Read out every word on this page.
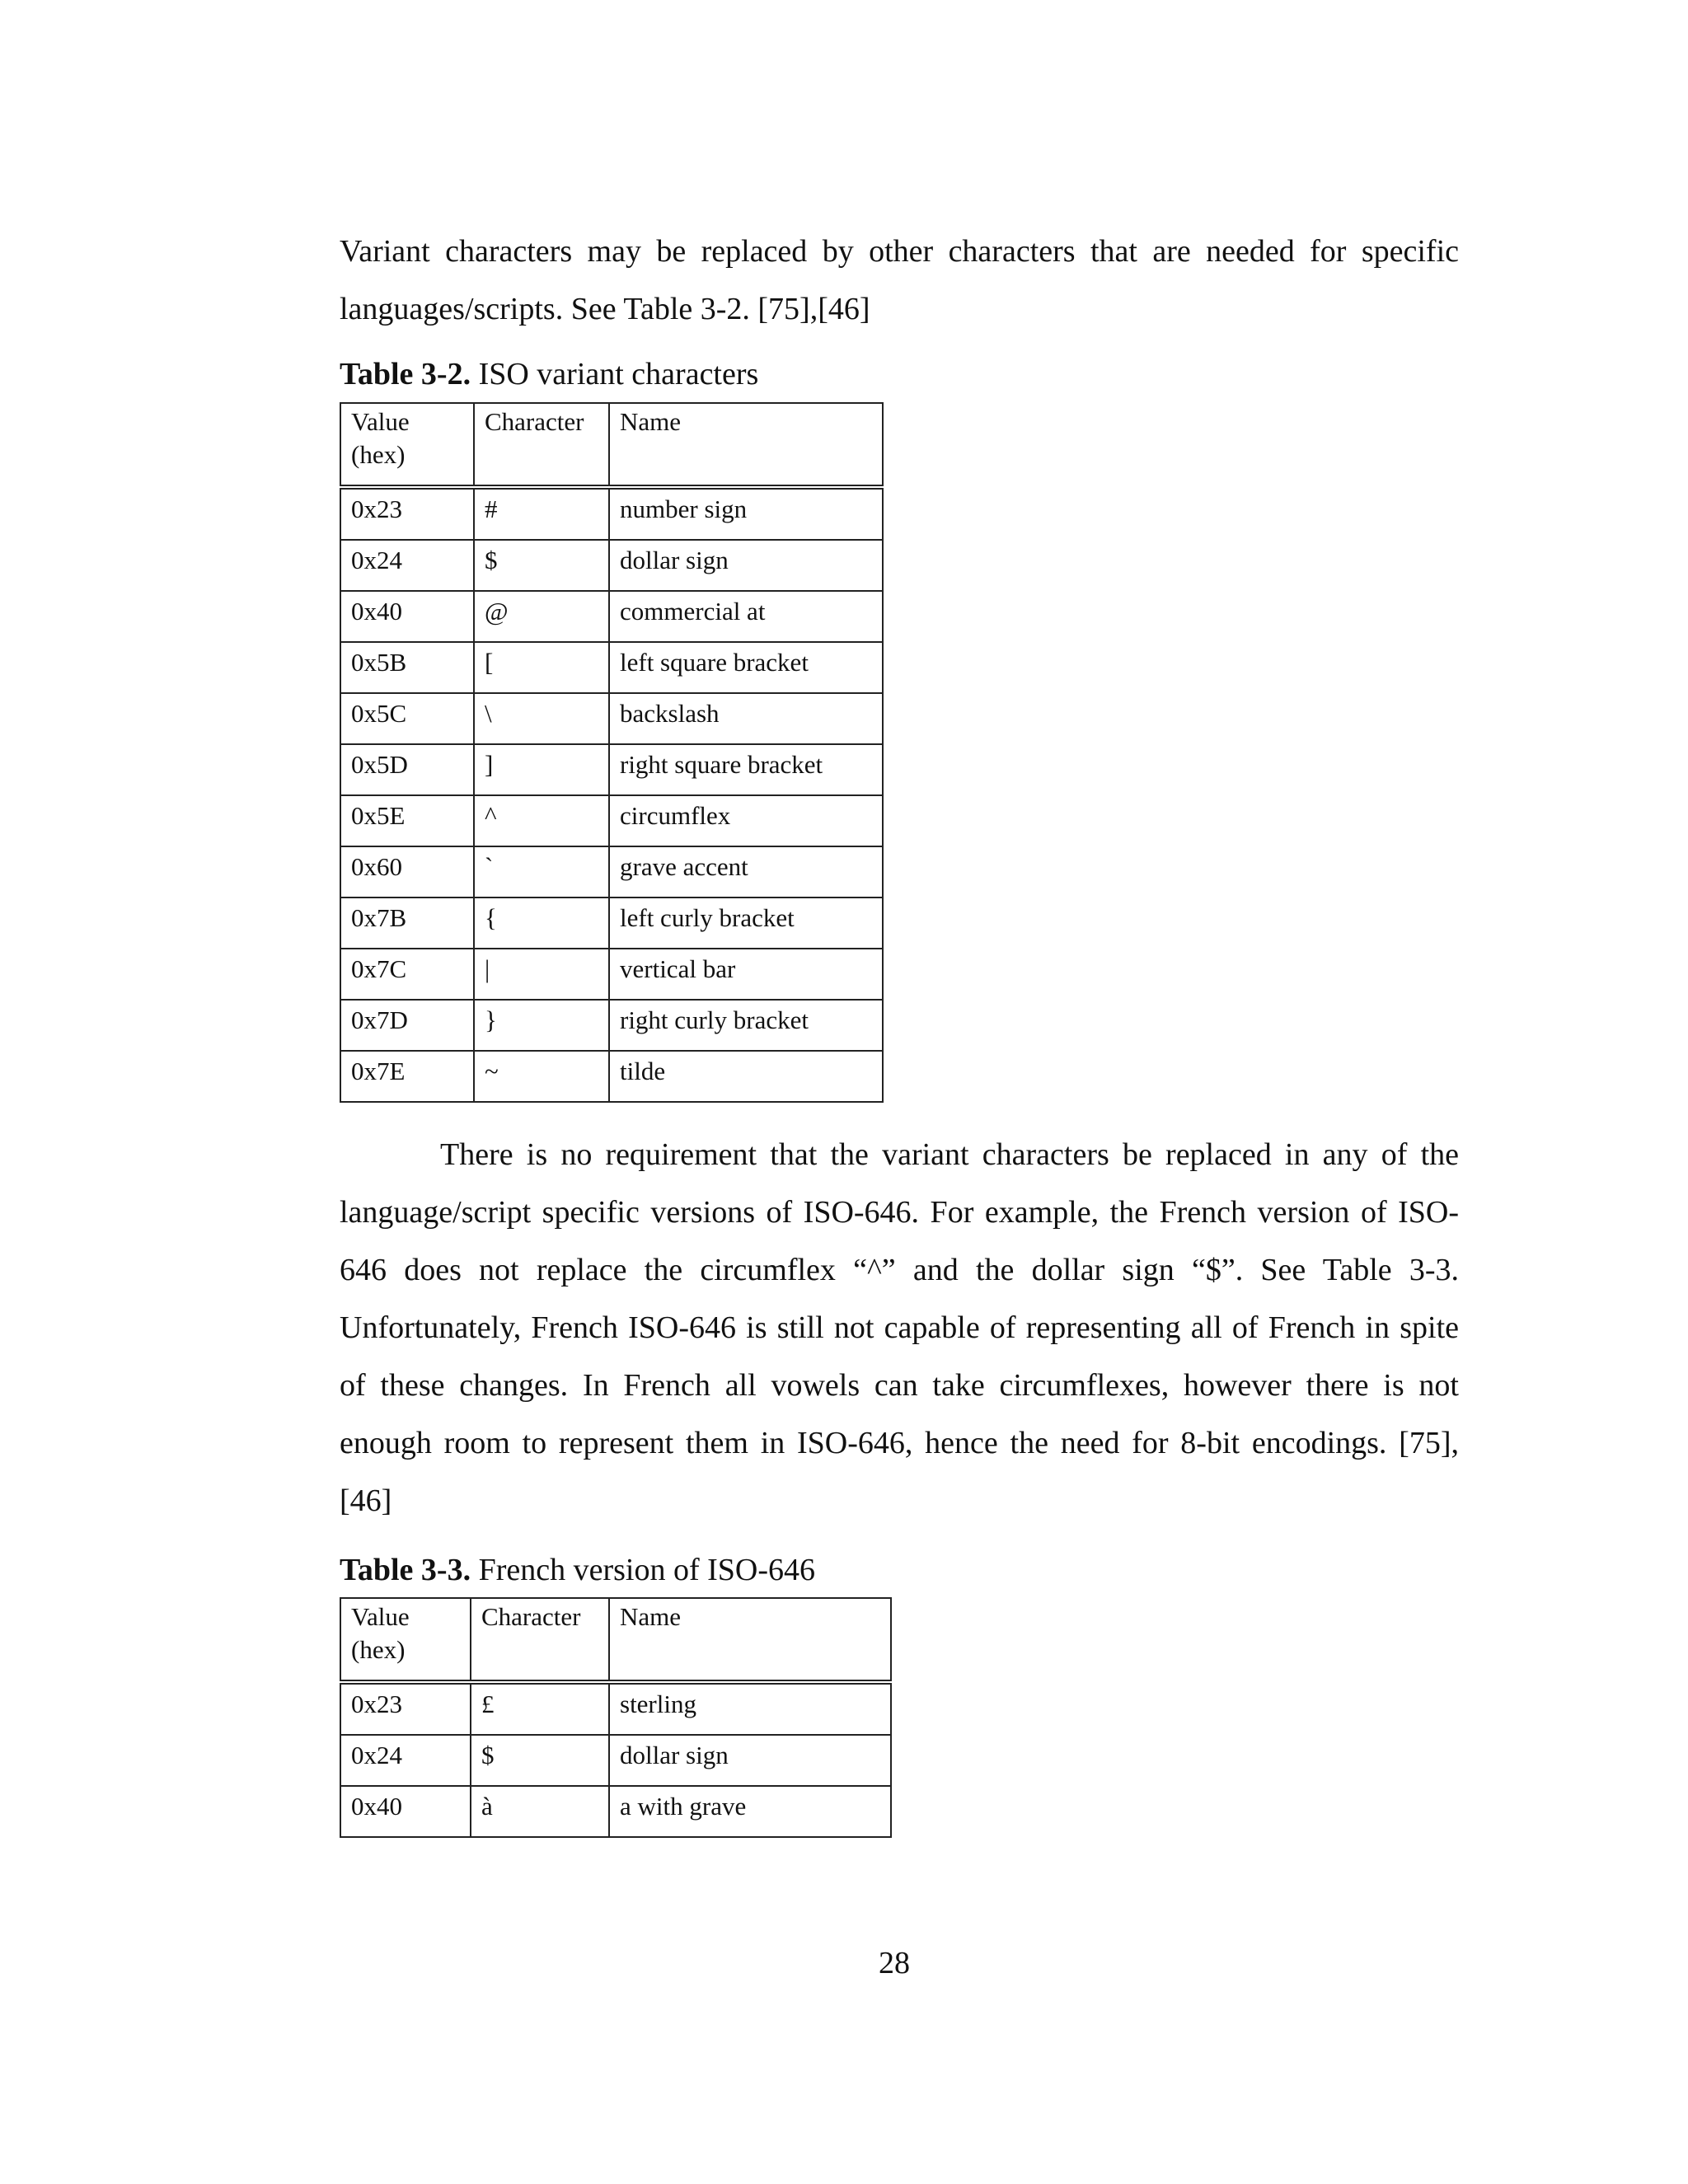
Variant characters may be replaced by other characters that are needed for specific languages/scripts. See Table 3-2. [75],[46]

Table 3-2. ISO variant characters

Value (hex)	Character	Name
0x23	#	number sign
0x24	$	dollar sign
0x40	@	commercial at
0x5B	[	left square bracket
0x5C	\	backslash
0x5D	]	right square bracket
0x5E	^	circumflex
0x60	`	grave accent
0x7B	{	left curly bracket
0x7C	|	vertical bar
0x7D	}	right curly bracket
0x7E	~	tilde

There is no requirement that the variant characters be replaced in any of the language/script specific versions of ISO-646. For example, the French version of ISO-646 does not replace the circumflex “^” and the dollar sign “$”. See Table 3-3. Unfortunately, French ISO-646 is still not capable of representing all of French in spite of these changes. In French all vowels can take circumflexes, however there is not enough room to represent them in ISO-646, hence the need for 8-bit encodings. [75], [46]

Table 3-3. French version of ISO-646

Value (hex)	Character	Name
0x23	£	sterling
0x24	$	dollar sign
0x40	à	a with grave

28
